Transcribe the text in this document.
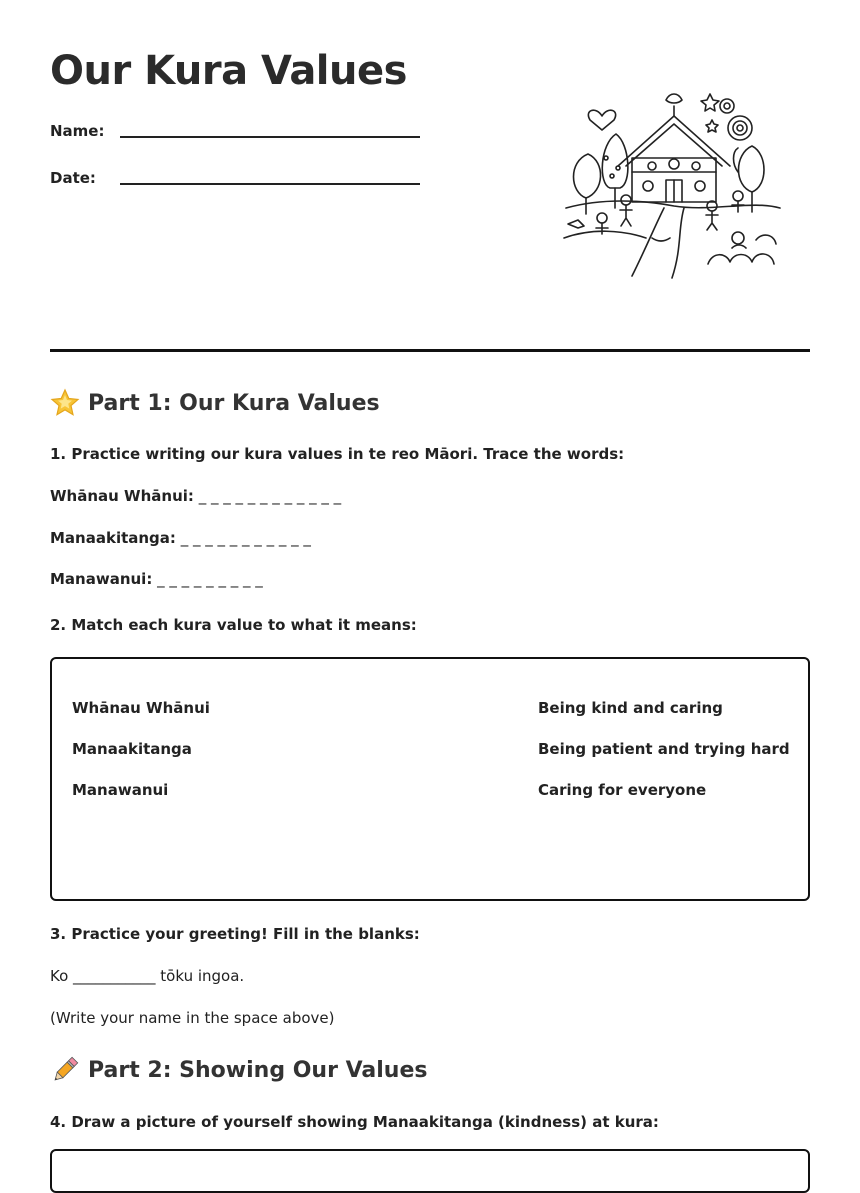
Our Kura Values
Name:
Date:
Part 1: Our Kura Values
1. Practice writing our kura values in te reo Māori. Trace the words:
Whānau Whānui: _ _ _ _ _ _ _ _ _ _ _ _
Manaakitanga: _ _ _ _ _ _ _ _ _ _ _
Manawanui: _ _ _ _ _ _ _ _ _
2. Match each kura value to what it means:
Whānau Whānui
Manaakitanga
Manawanui
Being kind and caring
Being patient and trying hard
Caring for everyone
3. Practice your greeting! Fill in the blanks:
Ko ___________ tōku ingoa.
(Write your name in the space above)
Part 2: Showing Our Values
4. Draw a picture of yourself showing Manaakitanga (kindness) at kura:
